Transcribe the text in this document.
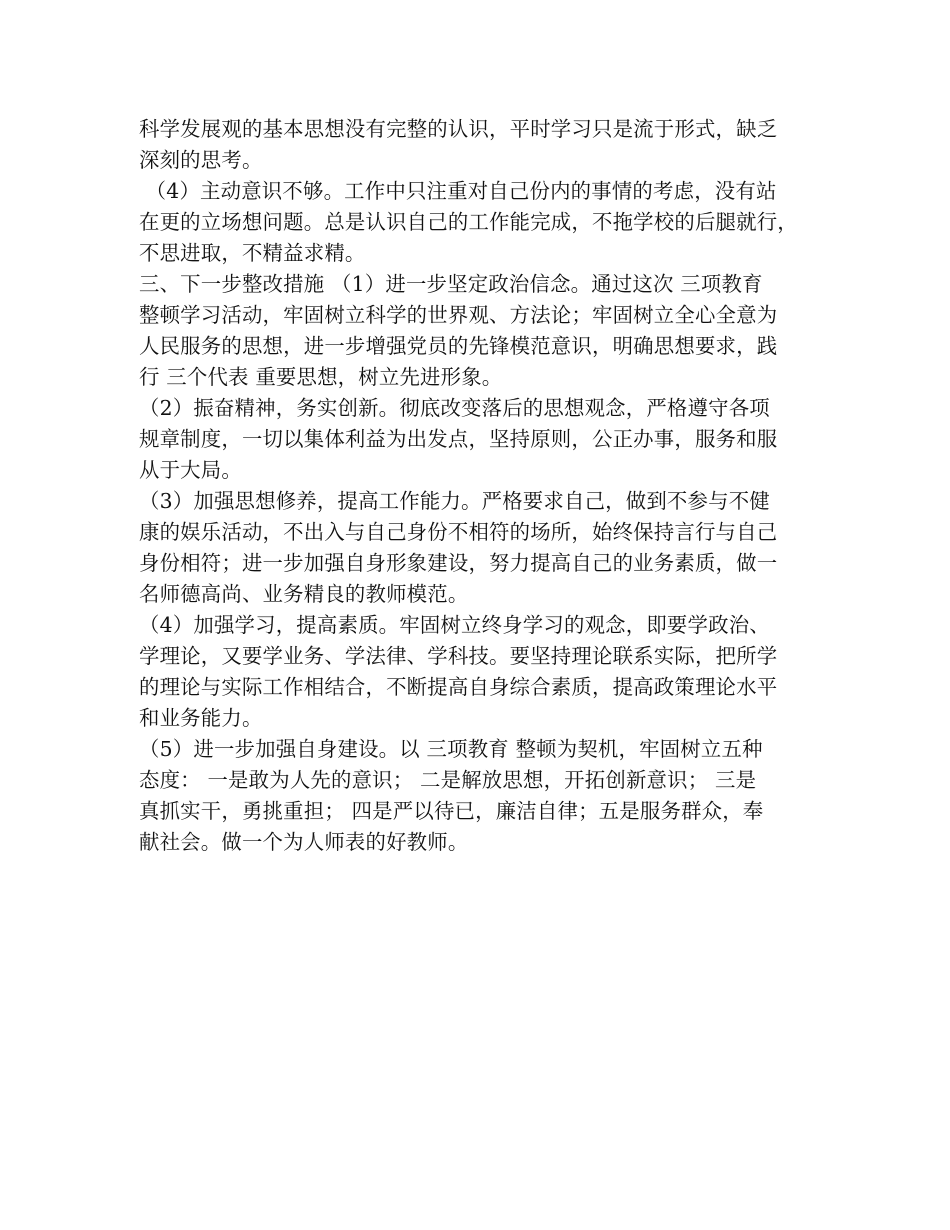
科学发展观的基本思想没有完整的认识，平时学习只是流于形式，缺乏
深刻的思考。
（4）主动意识不够。工作中只注重对自己份内的事情的考虑，没有站
在更的立场想问题。总是认识自己的工作能完成，不拖学校的后腿就行，
不思进取，不精益求精。
三、下一步整改措施 （1）进一步坚定政治信念。通过这次 三项教育
整顿学习活动，牢固树立科学的世界观、方法论；牢固树立全心全意为
人民服务的思想，进一步增强党员的先锋模范意识，明确思想要求，践
行 三个代表 重要思想，树立先进形象。
（2）振奋精神，务实创新。彻底改变落后的思想观念，严格遵守各项
规章制度，一切以集体利益为出发点，坚持原则，公正办事，服务和服
从于大局。
（3）加强思想修养，提高工作能力。严格要求自己，做到不参与不健
康的娱乐活动，不出入与自己身份不相符的场所，始终保持言行与自己
身份相符；进一步加强自身形象建设，努力提高自己的业务素质，做一
名师德高尚、业务精良的教师模范。
（4）加强学习，提高素质。牢固树立终身学习的观念，即要学政治、
学理论，又要学业务、学法律、学科技。要坚持理论联系实际，把所学
的理论与实际工作相结合，不断提高自身综合素质，提高政策理论水平
和业务能力。
（5）进一步加强自身建设。以 三项教育 整顿为契机，牢固树立五种
态度： 一是敢为人先的意识； 二是解放思想，开拓创新意识； 三是
真抓实干，勇挑重担； 四是严以待已，廉洁自律；五是服务群众，奉
献社会。做一个为人师表的好教师。
